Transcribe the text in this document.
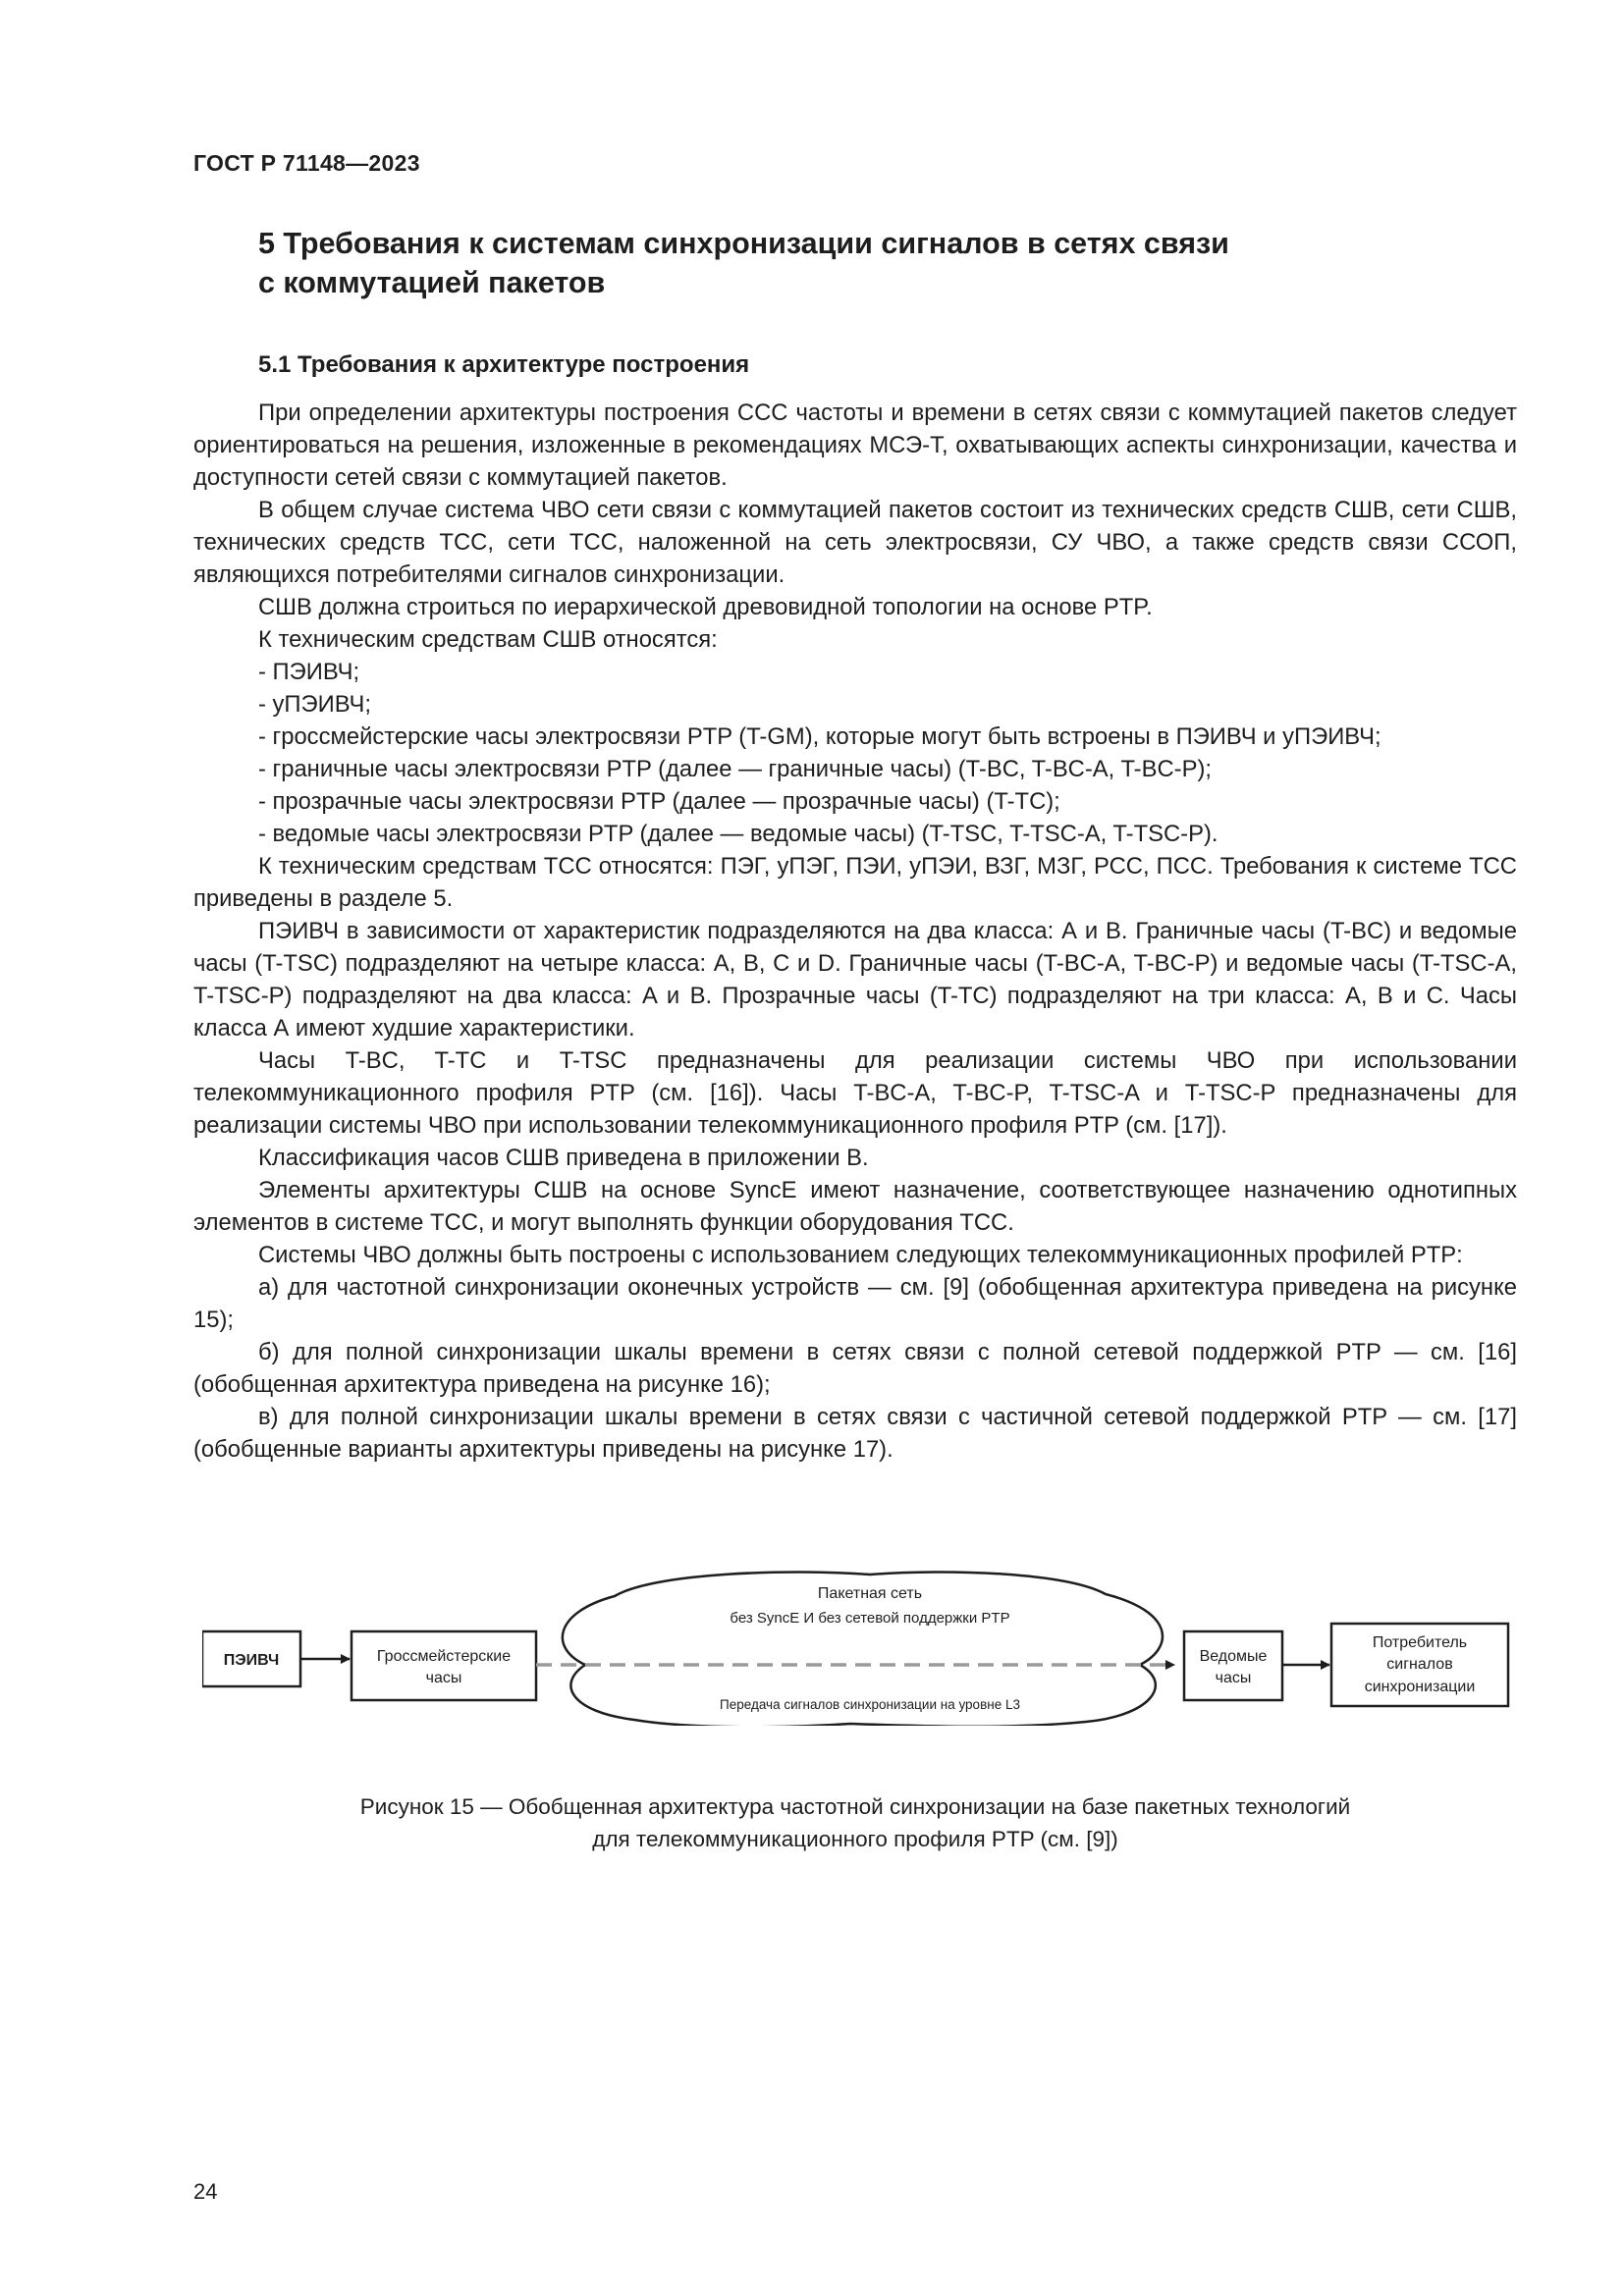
ГОСТ Р 71148—2023
5 Требования к системам синхронизации сигналов в сетях связи
с коммутацией пакетов
5.1 Требования к архитектуре построения

При определении архитектуры построения ССС частоты и времени в сетях связи с коммутацией пакетов следует ориентироваться на решения, изложенные в рекомендациях МСЭ-Т, охватывающих аспекты синхронизации, качества и доступности сетей связи с коммутацией пакетов.

В общем случае система ЧВО сети связи с коммутацией пакетов состоит из технических средств СШВ, сети СШВ, технических средств ТСС, сети ТСС, наложенной на сеть электросвязи, СУ ЧВО, а также средств связи ССОП, являющихся потребителями сигналов синхронизации.

СШВ должна строиться по иерархической древовидной топологии на основе PTP.

К техническим средствам СШВ относятся:

- ПЭИВЧ;

- уПЭИВЧ;

- гроссмейстерские часы электросвязи PTP (T-GM), которые могут быть встроены в ПЭИВЧ и уПЭИВЧ;

- граничные часы электросвязи PTP (далее — граничные часы) (T-BC, T-BC-A, T-BC-P);

- прозрачные часы электросвязи PTP (далее — прозрачные часы) (T-TC);

- ведомые часы электросвязи PTP (далее — ведомые часы) (T-TSC, T-TSC-A, T-TSC-P).

К техническим средствам ТСС относятся: ПЭГ, уПЭГ, ПЭИ, уПЭИ, ВЗГ, МЗГ, РСС, ПСС. Требования к системе ТСС приведены в разделе 5.

ПЭИВЧ в зависимости от характеристик подразделяются на два класса: А и В. Граничные часы (T-BC) и ведомые часы (T-TSC) подразделяют на четыре класса: A, B, C и D. Граничные часы (T-BC-A, T-BC-P) и ведомые часы (T-TSC-A, T-TSC-P) подразделяют на два класса: A и B. Прозрачные часы (T-TC) подразделяют на три класса: A, B и C. Часы класса А имеют худшие характеристики.

Часы T-BC, T-TC и T-TSC предназначены для реализации системы ЧВО при использовании телекоммуникационного профиля PTP (см. [16]). Часы T-BC-A, T-BC-P, T-TSC-A и T-TSC-P предназначены для реализации системы ЧВО при использовании телекоммуникационного профиля PTP (см. [17]).

Классификация часов СШВ приведена в приложении В.

Элементы архитектуры СШВ на основе SyncE имеют назначение, соответствующее назначению однотипных элементов в системе ТСС, и могут выполнять функции оборудования ТСС.

Системы ЧВО должны быть построены с использованием следующих телекоммуникационных профилей PTP:

а) для частотной синхронизации оконечных устройств — см. [9] (обобщенная архитектура приведена на рисунке 15);

б) для полной синхронизации шкалы времени в сетях связи с полной сетевой поддержкой PTP — см. [16] (обобщенная архитектура приведена на рисунке 16);

в) для полной синхронизации шкалы времени в сетях связи с частичной сетевой поддержкой PTP — см. [17] (обобщенные варианты архитектуры приведены на рисунке 17).

ПЭИВЧ	Гроссмейстерские
часы
Пакетная сеть
без SyncE И без сетевой поддержки PTP
Передача сигналов синхронизации на уровне L3
Ведомые
часы
Потребитель
сигналов
синхронизации
Рисунок 15 — Обобщенная архитектура частотной синхронизации на базе пакетных технологий
для телекоммуникационного профиля PTP (см. [9])
24
